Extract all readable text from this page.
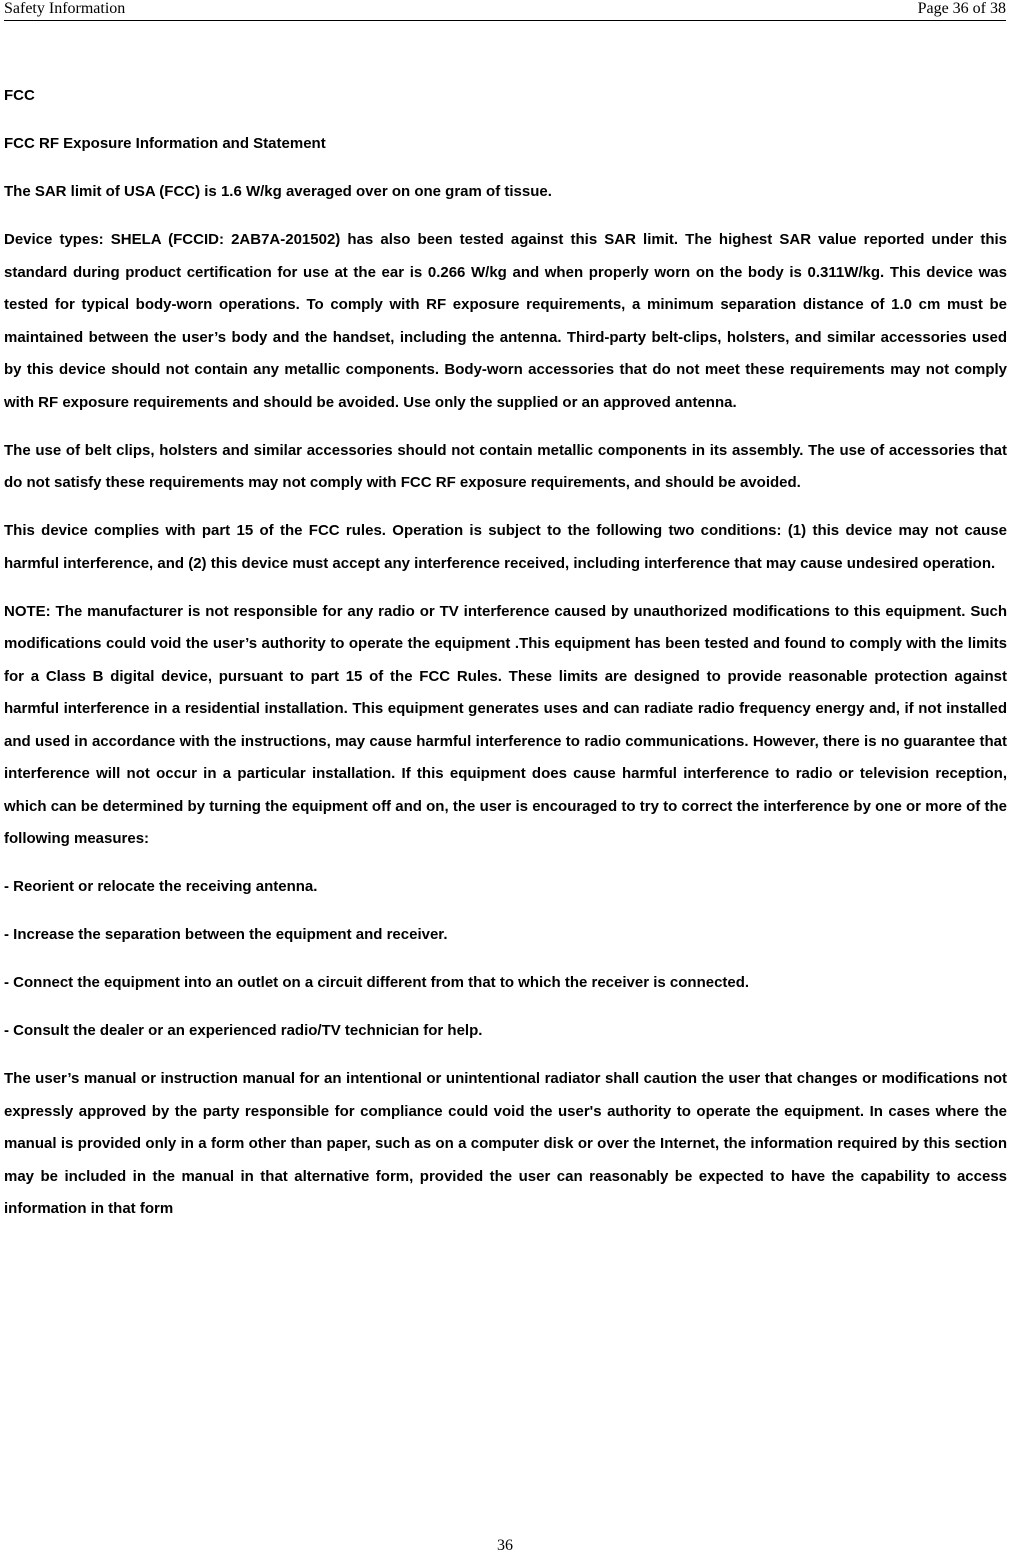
Safety Information	Page 36 of 38

FCC

FCC RF Exposure Information and Statement

The SAR limit of USA (FCC) is 1.6 W/kg averaged over on one gram of tissue.

Device types: SHELA (FCCID: 2AB7A-201502) has also been tested against this SAR limit. The highest SAR value reported under this standard during product certification for use at the ear is 0.266 W/kg and when properly worn on the body is 0.311W/kg. This device was tested for typical body-worn operations. To comply with RF exposure requirements, a minimum separation distance of 1.0 cm must be maintained between the user’s body and the handset, including the antenna. Third-party belt-clips, holsters, and similar accessories used by this device should not contain any metallic components. Body-worn accessories that do not meet these requirements may not comply with RF exposure requirements and should be avoided. Use only the supplied or an approved antenna.

The use of belt clips, holsters and similar accessories should not contain metallic components in its assembly. The use of accessories that do not satisfy these requirements may not comply with FCC RF exposure requirements, and should be avoided.

This device complies with part 15 of the FCC rules. Operation is subject to the following two conditions: (1) this device may not cause harmful interference, and (2) this device must accept any interference received, including interference that may cause undesired operation.

NOTE: The manufacturer is not responsible for any radio or TV interference caused by unauthorized modifications to this equipment. Such modifications could void the user’s authority to operate the equipment .This equipment has been tested and found to comply with the limits for a Class B digital device, pursuant to part 15 of the FCC Rules. These limits are designed to provide reasonable protection against harmful interference in a residential installation. This equipment generates uses and can radiate radio frequency energy and, if not installed and used in accordance with the instructions, may cause harmful interference to radio communications. However, there is no guarantee that interference will not occur in a particular installation. If this equipment does cause harmful interference to radio or television reception, which can be determined by turning the equipment off and on, the user is encouraged to try to correct the interference by one or more of the following measures:

- Reorient or relocate the receiving antenna.

- Increase the separation between the equipment and receiver.

- Connect the equipment into an outlet on a circuit different from that to which the receiver is connected.

- Consult the dealer or an experienced radio/TV technician for help.

The user’s manual or instruction manual for an intentional or unintentional radiator shall caution the user that changes or modifications not expressly approved by the party responsible for compliance could void the user's authority to operate the equipment. In cases where the manual is provided only in a form other than paper, such as on a computer disk or over the Internet, the information required by this section may be included in the manual in that alternative form, provided the user can reasonably be expected to have the capability to access information in that form

36
